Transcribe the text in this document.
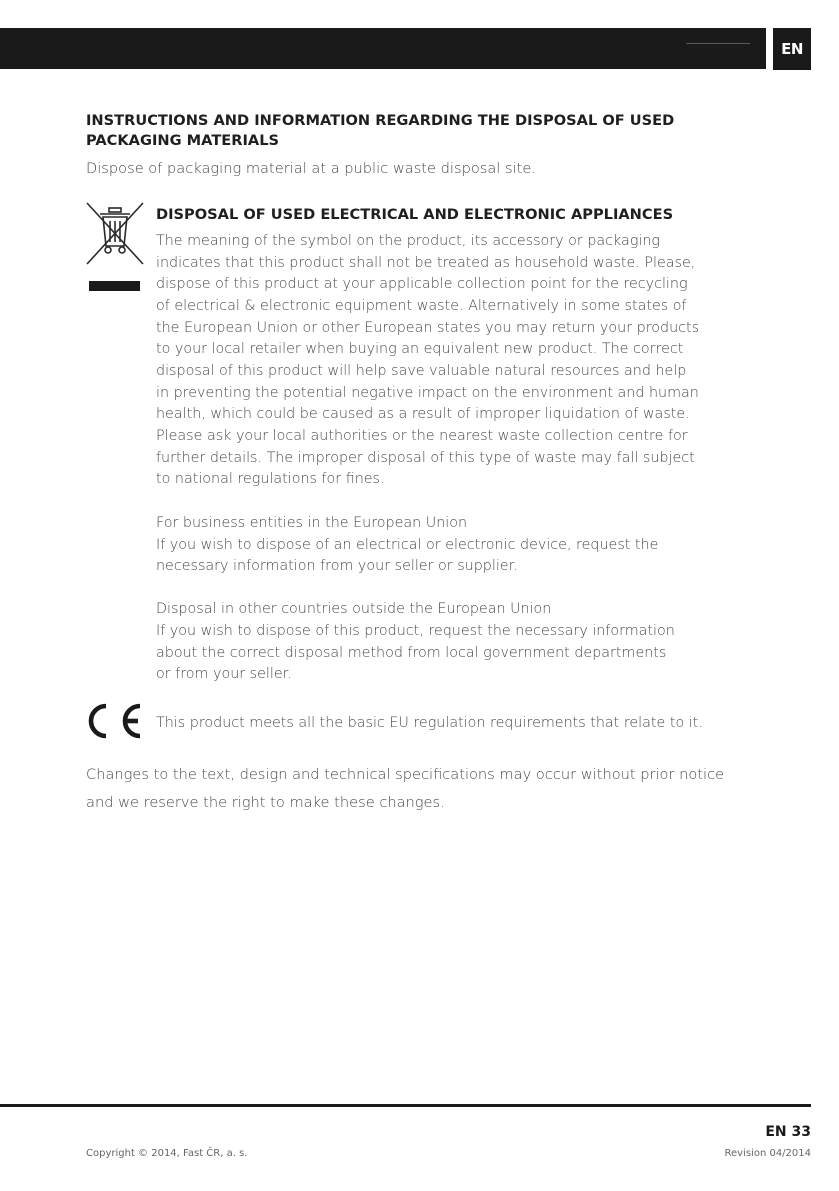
EN
INSTRUCTIONS AND INFORMATION REGARDING THE DISPOSAL OF USED
PACKAGING MATERIALS

Dispose of packaging material at a public waste disposal site.

DISPOSAL OF USED ELECTRICAL AND ELECTRONIC APPLIANCES

The meaning of the symbol on the product, its accessory or packaging

indicates that this product shall not be treated as household waste. Please,

dispose of this product at your applicable collection point for the recycling

of electrical & electronic equipment waste. Alternatively in some states of

the European Union or other European states you may return your products

to your local retailer when buying an equivalent new product. The correct

disposal of this product will help save valuable natural resources and help

in preventing the potential negative impact on the environment and human

health, which could be caused as a result of improper liquidation of waste.

Please ask your local authorities or the nearest waste collection centre for

further details. The improper disposal of this type of waste may fall subject

to national regulations for fines.

For business entities in the European Union

If you wish to dispose of an electrical or electronic device, request the

necessary information from your seller or supplier.

Disposal in other countries outside the European Union

If you wish to dispose of this product, request the necessary information

about the correct disposal method from local government departments

or from your seller.

This product meets all the basic EU regulation requirements that relate to it.

Changes to the text, design and technical specifications may occur without prior notice

and we reserve the right to make these changes.

EN 33
Copyright © 2014, Fast ČR, a. s.	Revision 04/2014
